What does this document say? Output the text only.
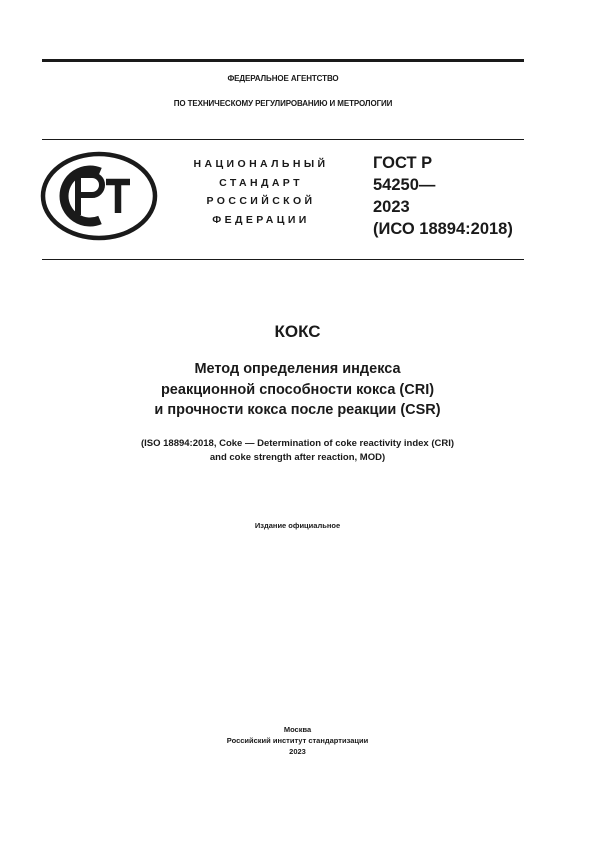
ФЕДЕРАЛЬНОЕ АГЕНТСТВО
ПО ТЕХНИЧЕСКОМУ РЕГУЛИРОВАНИЮ И МЕТРОЛОГИИ
НАЦИОНАЛЬНЫЙ
СТАНДАРТ
РОССИЙСКОЙ
ФЕДЕРАЦИИ
ГОСТ Р
54250—
2023
(ИСО 18894:2018)
КОКС
Метод определения индекса
реакционной способности кокса (CRI)
и прочности кокса после реакции (CSR)
(ISO 18894:2018, Coke — Determination of coke reactivity index (CRI)
and coke strength after reaction, MOD)
Издание официальное
Москва
Российский институт стандартизации
2023
